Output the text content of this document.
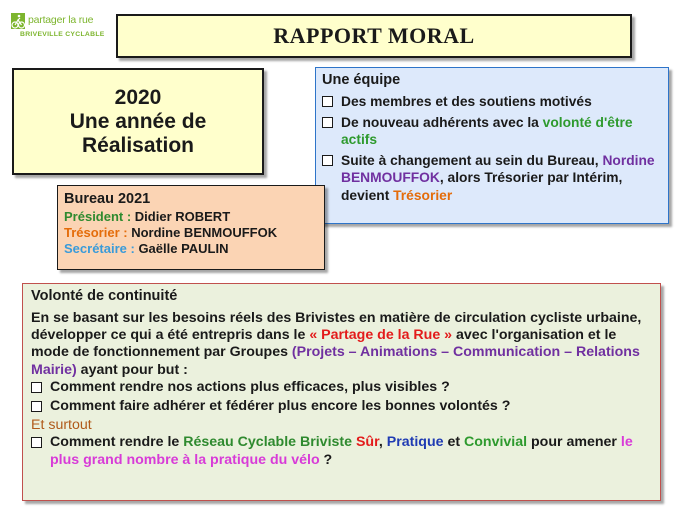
partager la rue
BRIVEVILLE CYCLABLE	RAPPORT MORAL
2020
Une année de
Réalisation
Une équipe
Des membres et des soutiens motivés
De nouveau adhérents avec la volonté d'être actifs
Suite à changement au sein du Bureau, Nordine BENMOUFFOK, alors Trésorier par Intérim, devient Trésorier
Bureau 2021
Président : Didier ROBERT
Trésorier : Nordine BENMOUFFOK
Secrétaire : Gaëlle PAULIN
Volonté de continuité

En se basant sur les besoins réels des Brivistes en matière de circulation cycliste urbaine, développer ce qui a été entrepris dans le « Partage de la Rue » avec l'organisation et le mode de fonctionnement par Groupes (Projets – Animations – Communication – Relations Mairie) ayant pour but :

Comment rendre nos actions plus efficaces, plus visibles ?
Comment faire adhérer et fédérer plus encore les bonnes volontés ?

Et surtout

Comment rendre le Réseau Cyclable Briviste Sûr, Pratique et Convivial pour amener le plus grand nombre à la pratique du vélo ?
